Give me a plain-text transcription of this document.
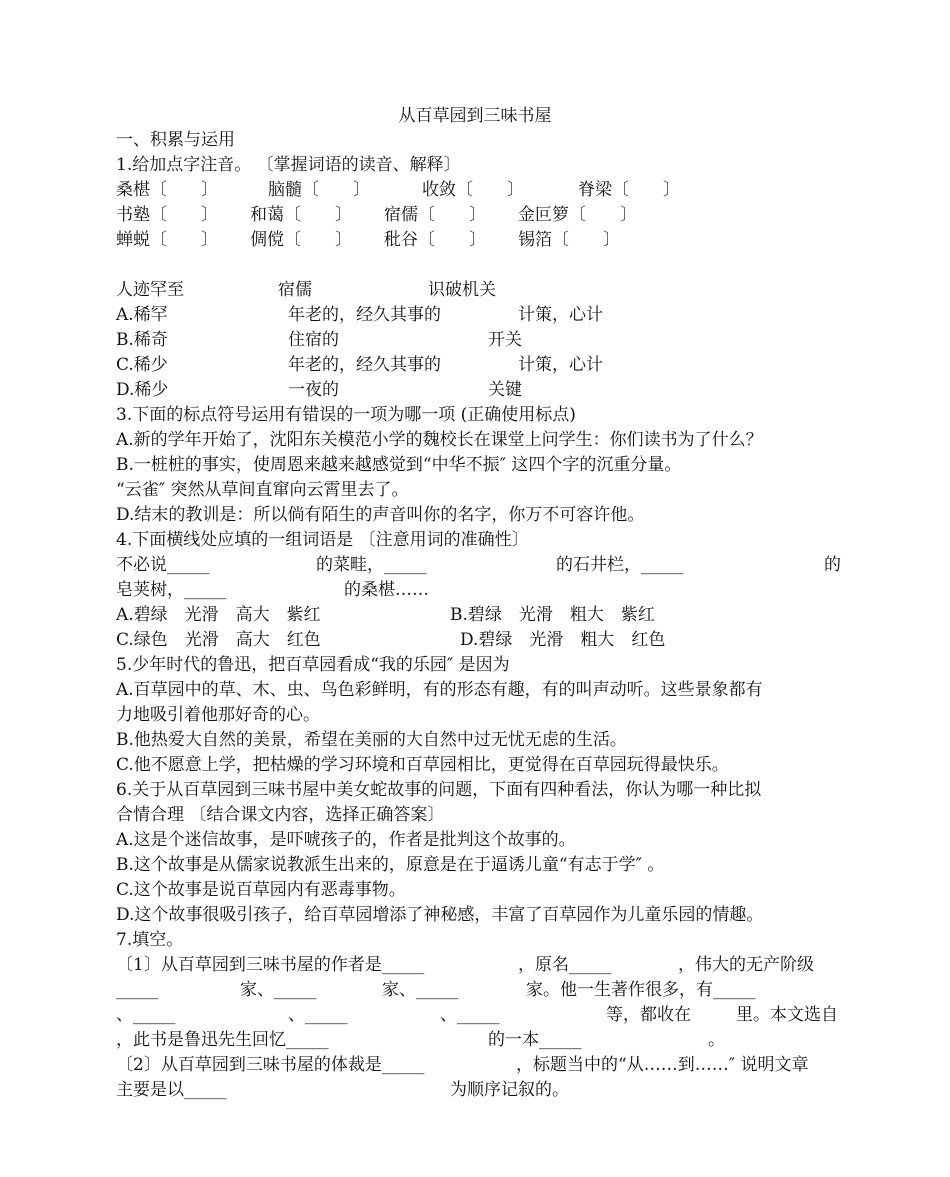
从百草园到三味书屋
一、积累与运用
1.给加点字注音。 〔掌握词语的读音、解释〕
桑椹〔　　〕	脑髓〔　　〕	收敛〔　　〕	脊梁〔　　〕
书塾〔　　〕 和蔼〔　　〕 宿儒〔　　〕 金叵箩〔　　〕
蝉蜕〔　　〕 倜傥〔　　〕 秕谷〔　　〕 锡箔〔　　〕
人迹罕至	宿儒	识破机关
A.稀罕	年老的，经久其事的	计策，心计
B.稀奇	住宿的	开关
C.稀少	年老的，经久其事的	计策，心计
D.稀少	一夜的	关键
3.下面的标点符号运用有错误的一项为哪一项 (正确使用标点)
A.新的学年开始了，沈阳东关模范小学的魏校长在课堂上问学生：你们读书为了什么？
B.一桩桩的事实，使周恩来越来越感觉到“中华不振″ 这四个字的沉重分量。
“云雀″ 突然从草间直窜向云霄里去了。
D.结末的教训是：所以倘有陌生的声音叫你的名字，你万不可容许他。
4.下面横线处应填的一组词语是 〔注意用词的准确性〕
不必说_____	的菜畦，_____	的石井栏，_____	的
皂荚树，_____	的桑椹……
A.碧绿　光滑　高大　紫红	B.碧绿　光滑　粗大　紫红
C.绿色　光滑　高大　红色	D.碧绿　光滑　粗大　红色
5.少年时代的鲁迅，把百草园看成“我的乐园″ 是因为
A.百草园中的草、木、虫、鸟色彩鲜明，有的形态有趣，有的叫声动听。这些景象都有
力地吸引着他那好奇的心。
B.他热爱大自然的美景，希望在美丽的大自然中过无忧无虑的生活。
C.他不愿意上学，把枯燥的学习环境和百草园相比，更觉得在百草园玩得最快乐。
6.关于从百草园到三味书屋中美女蛇故事的问题，下面有四种看法，你认为哪一种比拟
合情合理 〔结合课文内容，选择正确答案〕
A.这是个迷信故事，是吓唬孩子的，作者是批判这个故事的。
B.这个故事是从儒家说教派生出来的，原意是在于逼诱儿童“有志于学″ 。
C.这个故事是说百草园内有恶毒事物。
D.这个故事很吸引孩子，给百草园增添了神秘感，丰富了百草园作为儿童乐园的情趣。
7.填空。
〔1〕从百草园到三味书屋的作者是_____	，原名_____	，伟大的无产阶级
_____	家、_____	家、_____	家。他一生著作很多，有_____
、_____	、_____	、_____	等，都收在	里。本文选自
，此书是鲁迅先生回忆_____	的一本_____	。
〔2〕从百草园到三味书屋的体裁是_____	，标题当中的“从……到……″ 说明文章
主要是以_____	为顺序记叙的。
